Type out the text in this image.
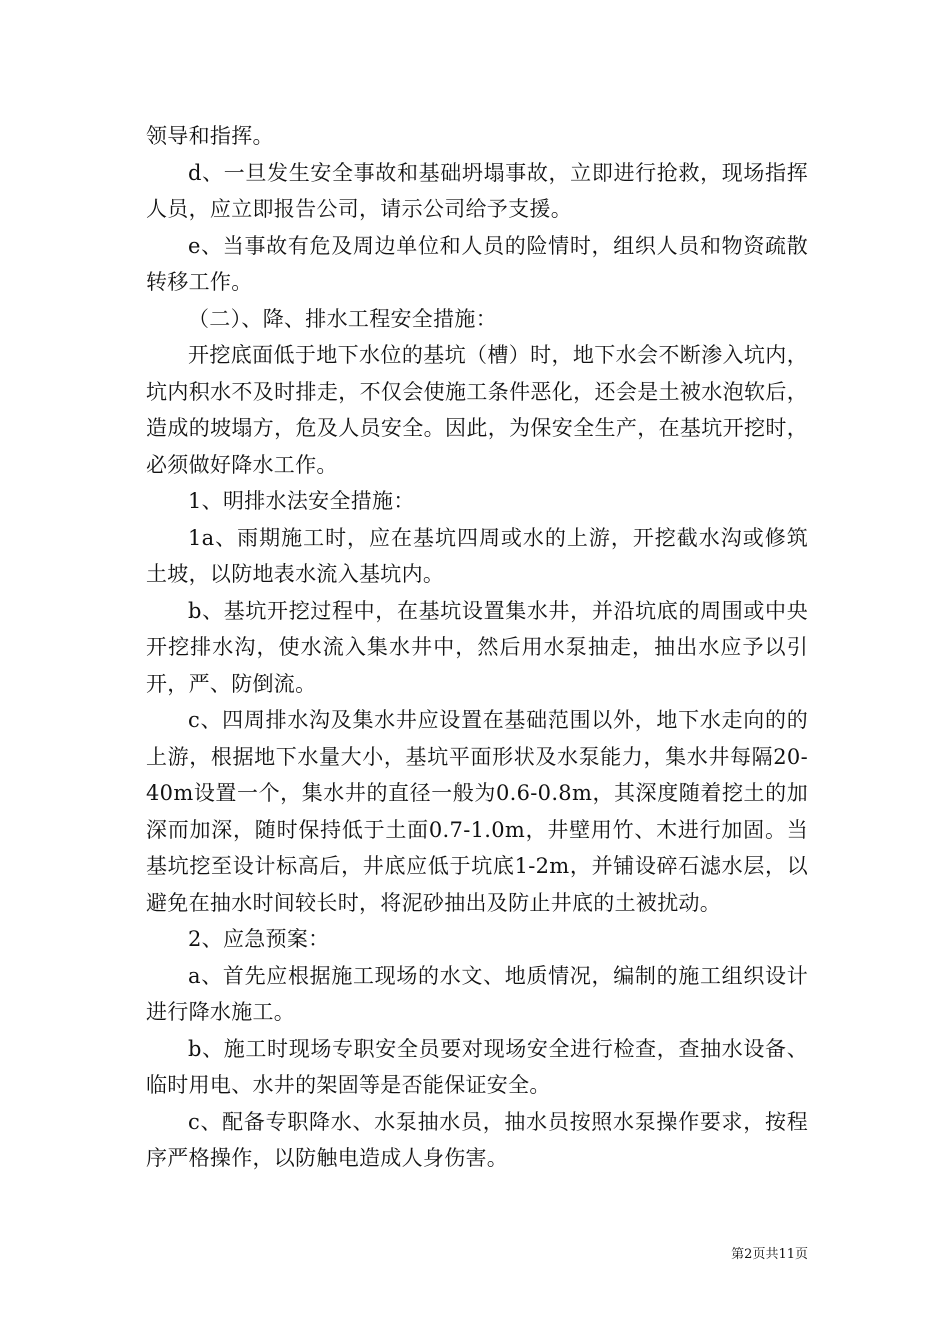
领导和指挥。

d、一旦发生安全事故和基础坍塌事故，立即进行抢救，现场指挥人员，应立即报告公司，请示公司给予支援。

e、当事故有危及周边单位和人员的险情时，组织人员和物资疏散转移工作。

（二）、降、排水工程安全措施：

开挖底面低于地下水位的基坑（槽）时，地下水会不断渗入坑内，坑内积水不及时排走，不仅会使施工条件恶化，还会是土被水泡软后，造成的坡塌方，危及人员安全。因此，为保安全生产，在基坑开挖时，必须做好降水工作。

1、明排水法安全措施：

1a、雨期施工时，应在基坑四周或水的上游，开挖截水沟或修筑土坡，以防地表水流入基坑内。

b、基坑开挖过程中，在基坑设置集水井，并沿坑底的周围或中央开挖排水沟，使水流入集水井中，然后用水泵抽走，抽出水应予以引开，严、防倒流。

c、四周排水沟及集水井应设置在基础范围以外，地下水走向的的上游，根据地下水量大小，基坑平面形状及水泵能力，集水井每隔20-40m设置一个，集水井的直径一般为0.6-0.8m，其深度随着挖土的加深而加深，随时保持低于土面0.7-1.0m，井壁用竹、木进行加固。当基坑挖至设计标高后，井底应低于坑底1-2m，并铺设碎石滤水层，以避免在抽水时间较长时，将泥砂抽出及防止井底的土被扰动。

2、应急预案：

a、首先应根据施工现场的水文、地质情况，编制的施工组织设计进行降水施工。

b、施工时现场专职安全员要对现场安全进行检查，查抽水设备、临时用电、水井的架固等是否能保证安全。

c、配备专职降水、水泵抽水员，抽水员按照水泵操作要求，按程序严格操作，以防触电造成人身伤害。

第2页共11页
